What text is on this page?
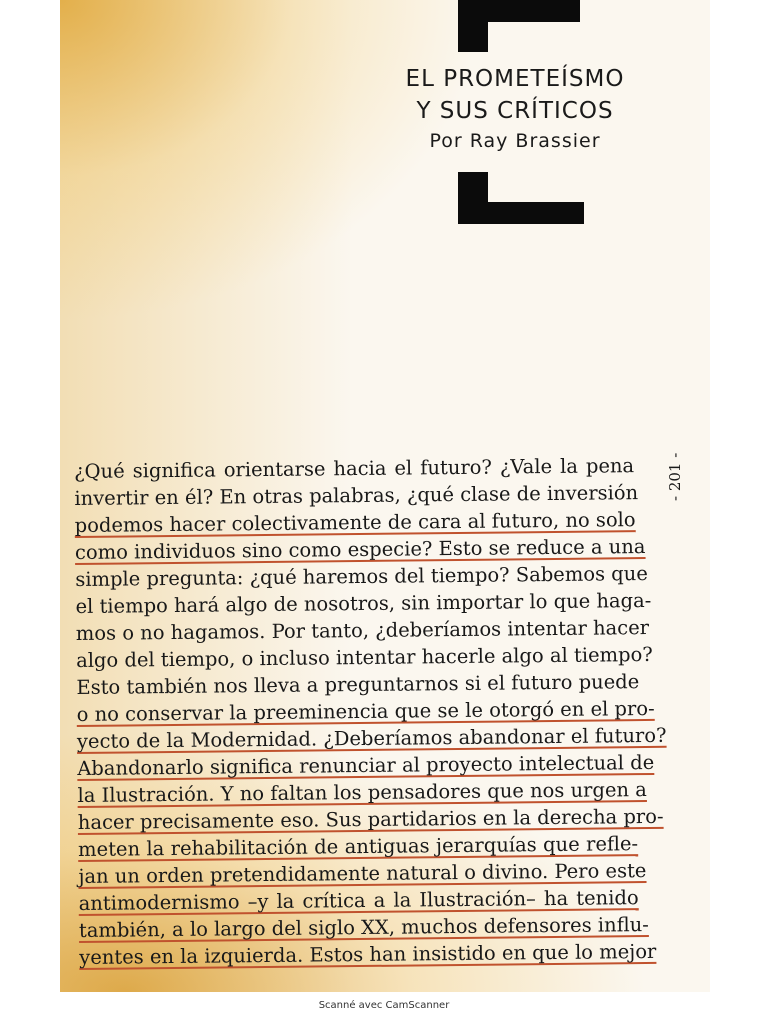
EL PROMETEÍSMO
Y SUS CRÍTICOS
Por Ray Brassier
- 201 -
¿Qué significa orientarse hacia el futuro? ¿Vale la pena
invertir en él? En otras palabras, ¿qué clase de inversión
podemos hacer colectivamente de cara al futuro, no solo
como individuos sino como especie? Esto se reduce a una
simple pregunta: ¿qué haremos del tiempo? Sabemos que
el tiempo hará algo de nosotros, sin importar lo que haga-
mos o no hagamos. Por tanto, ¿deberíamos intentar hacer
algo del tiempo, o incluso intentar hacerle algo al tiempo?
Esto también nos lleva a preguntarnos si el futuro puede
o no conservar la preeminencia que se le otorgó en el pro-
yecto de la Modernidad. ¿Deberíamos abandonar el futuro?
Abandonarlo significa renunciar al proyecto intelectual de
la Ilustración. Y no faltan los pensadores que nos urgen a
hacer precisamente eso. Sus partidarios en la derecha pro-
meten la rehabilitación de antiguas jerarquías que refle-
jan un orden pretendidamente natural o divino. Pero este
antimodernismo –y la crítica a la Ilustración– ha tenido
también, a lo largo del siglo XX, muchos defensores influ-
yentes en la izquierda. Estos han insistido en que lo mejor
Scanné avec CamScanner
